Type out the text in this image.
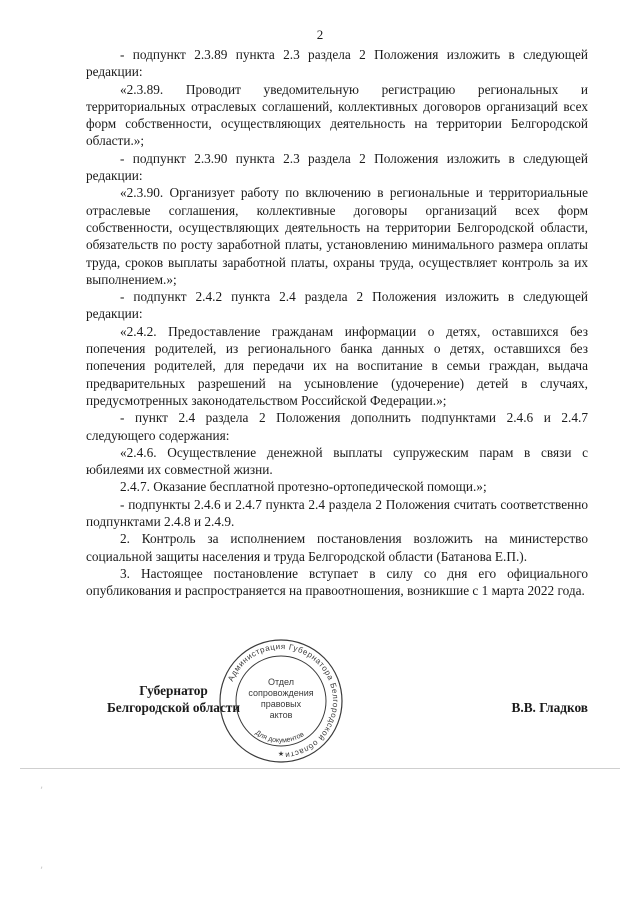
2

- подпункт 2.3.89 пункта 2.3 раздела 2 Положения изложить в следующей редакции:

«2.3.89. Проводит уведомительную регистрацию региональных и территориальных отраслевых соглашений, коллективных договоров организаций всех форм собственности, осуществляющих деятельность на территории Белгородской области.»;

- подпункт 2.3.90 пункта 2.3 раздела 2 Положения изложить в следующей редакции:

«2.3.90. Организует работу по включению в региональные и территориальные отраслевые соглашения, коллективные договоры организаций всех форм собственности, осуществляющих деятельность на территории Белгородской области, обязательств по росту заработной платы, установлению минимального размера оплаты труда, сроков выплаты заработной платы, охраны труда, осуществляет контроль за их выполнением.»;

- подпункт 2.4.2 пункта 2.4 раздела 2 Положения изложить в следующей редакции:

«2.4.2. Предоставление гражданам информации о детях, оставшихся без попечения родителей, из регионального банка данных о детях, оставшихся без попечения родителей, для передачи их на воспитание в семьи граждан, выдача предварительных разрешений на усыновление (удочерение) детей в случаях, предусмотренных законодательством Российской Федерации.»;

- пункт 2.4 раздела 2 Положения дополнить подпунктами 2.4.6 и 2.4.7 следующего содержания:

«2.4.6. Осуществление денежной выплаты супружеским парам в связи с юбилеями их совместной жизни.

2.4.7. Оказание бесплатной протезно-ортопедической помощи.»;

- подпункты 2.4.6 и 2.4.7 пункта 2.4 раздела 2 Положения считать соответственно подпунктами 2.4.8 и 2.4.9.

2. Контроль за исполнением постановления возложить на министерство социальной защиты населения и труда Белгородской области (Батанова Е.П.).

3. Настоящее постановление вступает в силу со дня его официального опубликования и распространяется на правоотношения, возникшие с 1 марта 2022 года.

Губернатор
Белгородской области	В.В. Гладков
Администрация Губернатора Белгородской области
Для документов
Отдел
сопровождения
правовых
актов
★
,
,
